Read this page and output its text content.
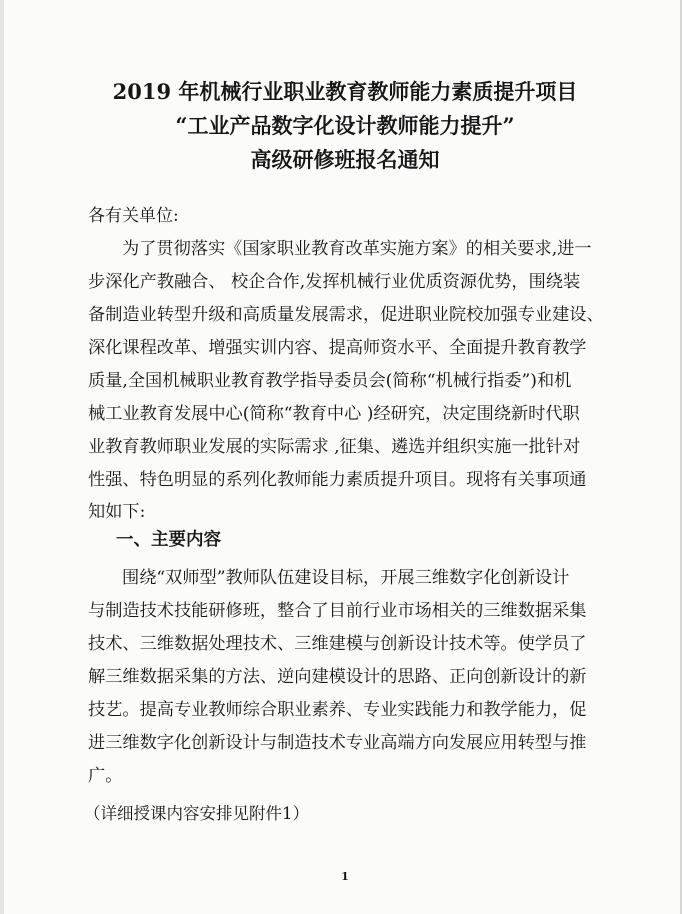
2019 年机械行业职业教育教师能力素质提升项目
“工业产品数字化设计教师能力提升”
高级研修班报名通知
各有关单位:
为了贯彻落实《国家职业教育改革实施方案》的相关要求,进一
步深化产教融合、 校企合作,发挥机械行业优质资源优势，围绕装
备制造业转型升级和高质量发展需求，促进职业院校加强专业建设、
深化课程改革、增强实训内容、提高师资水平、全面提升教育教学
质量,全国机械职业教育教学指导委员会(简称“机械行指委”)和机
械工业教育发展中心(简称“教育中心 )经研究，决定围绕新时代职
业教育教师职业发展的实际需求 ,征集、遴选并组织实施一批针对
性强、特色明显的系列化教师能力素质提升项目。现将有关事项通
知如下:
一、主要内容
围绕“双师型”教师队伍建设目标，开展三维数字化创新设计
与制造技术技能研修班，整合了目前行业市场相关的三维数据采集
技术、三维数据处理技术、三维建模与创新设计技术等。使学员了
解三维数据采集的方法、逆向建模设计的思路、正向创新设计的新
技艺。提高专业教师综合职业素养、专业实践能力和教学能力，促
进三维数字化创新设计与制造技术专业高端方向发展应用转型与推
广。
（详细授课内容安排见附件1）
1
